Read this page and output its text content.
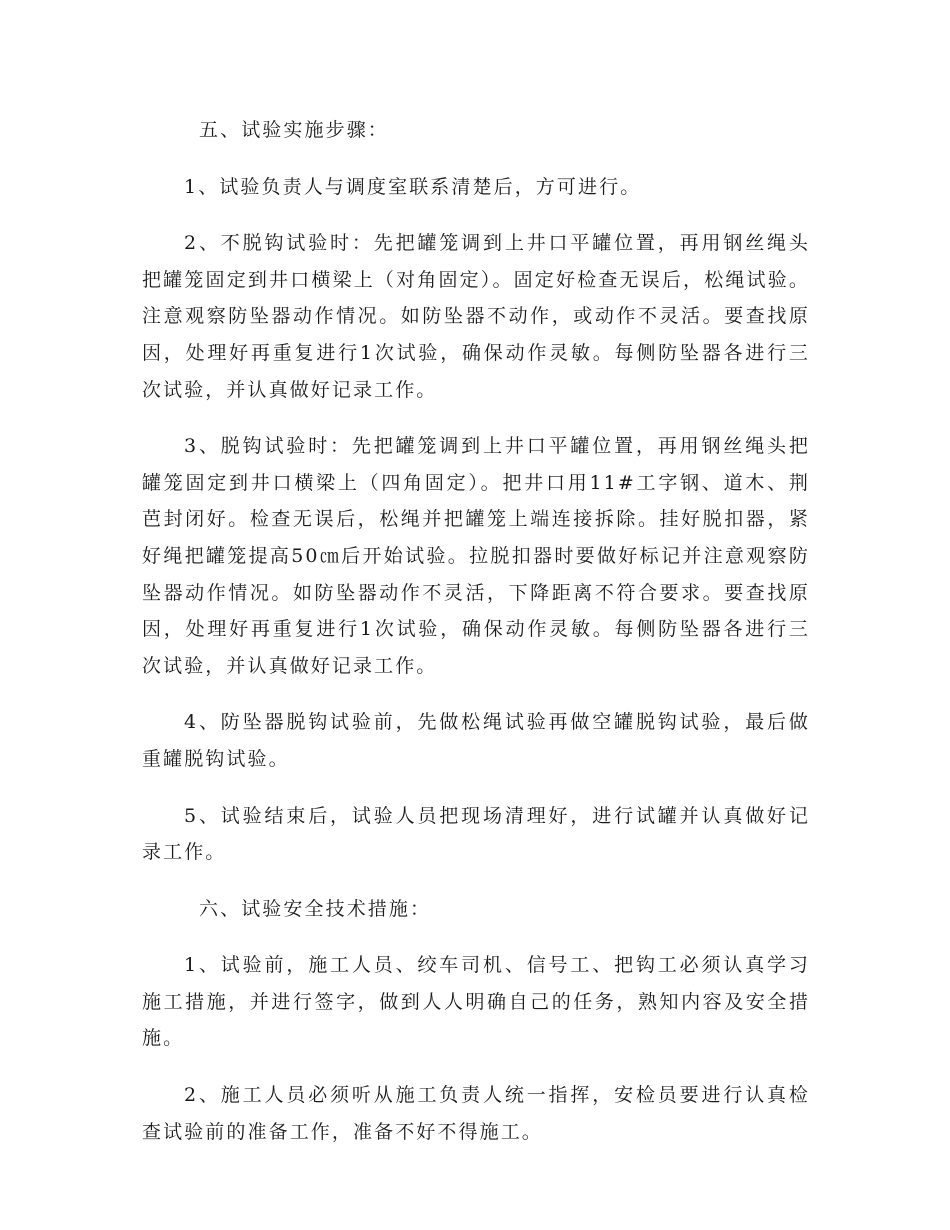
五、试验实施步骤：

1、试验负责人与调度室联系清楚后，方可进行。

2、不脱钩试验时：先把罐笼调到上井口平罐位置，再用钢丝绳头把罐笼固定到井口横梁上（对角固定）。固定好检查无误后，松绳试验。注意观察防坠器动作情况。如防坠器不动作，或动作不灵活。要查找原因，处理好再重复进行1次试验，确保动作灵敏。每侧防坠器各进行三次试验，并认真做好记录工作。

3、脱钩试验时：先把罐笼调到上井口平罐位置，再用钢丝绳头把罐笼固定到井口横梁上（四角固定）。把井口用11#工字钢、道木、荆芭封闭好。检查无误后，松绳并把罐笼上端连接拆除。挂好脱扣器，紧好绳把罐笼提高50㎝后开始试验。拉脱扣器时要做好标记并注意观察防坠器动作情况。如防坠器动作不灵活，下降距离不符合要求。要查找原因，处理好再重复进行1次试验，确保动作灵敏。每侧防坠器各进行三次试验，并认真做好记录工作。

4、防坠器脱钩试验前，先做松绳试验再做空罐脱钩试验，最后做重罐脱钩试验。

5、试验结束后，试验人员把现场清理好，进行试罐并认真做好记录工作。

六、试验安全技术措施：

1、试验前，施工人员、绞车司机、信号工、把钩工必须认真学习施工措施，并进行签字，做到人人明确自己的任务，熟知内容及安全措施。

2、施工人员必须听从施工负责人统一指挥，安检员要进行认真检查试验前的准备工作，准备不好不得施工。
